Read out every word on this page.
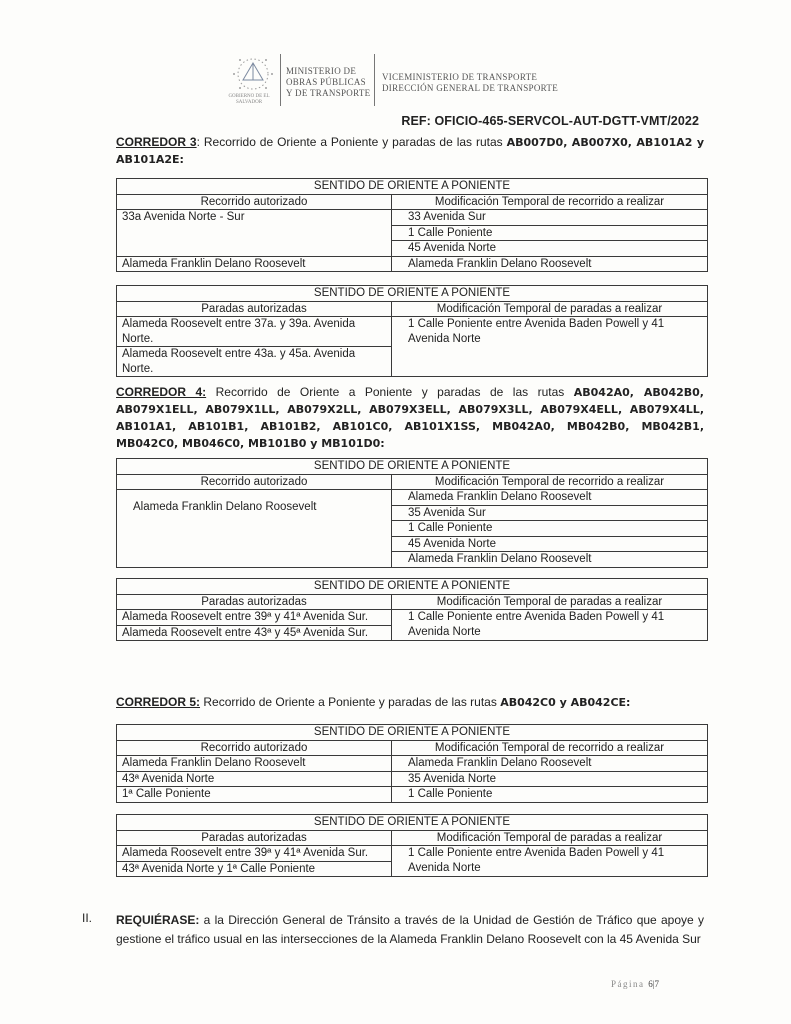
GOBIERNO DE EL SALVADOR
MINISTERIO DE
OBRAS PÚBLICAS
Y DE TRANSPORTE
VICEMINISTERIO DE TRANSPORTE
DIRECCIÓN GENERAL DE TRANSPORTE
REF: OFICIO-465-SERVCOL-AUT-DGTT-VMT/2022
CORREDOR 3: Recorrido de Oriente a Poniente y paradas de las rutas AB007D0, AB007X0, AB101A2 y AB101A2E:
SENTIDO DE ORIENTE A PONIENTE	
Recorrido autorizado	Modificación Temporal de recorrido a realizar
33a Avenida Norte - Sur	33 Avenida Sur
	1 Calle Poniente
	45 Avenida Norte
Alameda Franklin Delano Roosevelt	Alameda Franklin Delano Roosevelt
SENTIDO DE ORIENTE A PONIENTE	
Paradas autorizadas	Modificación Temporal de paradas a realizar
Alameda Roosevelt entre 37a. y 39a. Avenida Norte.	1 Calle Poniente entre Avenida Baden Powell y 41 Avenida Norte
Alameda Roosevelt entre 43a. y 45a. Avenida Norte.	
CORREDOR 4: Recorrido de Oriente a Poniente y paradas de las rutas AB042A0, AB042B0, AB079X1ELL, AB079X1LL, AB079X2LL, AB079X3ELL, AB079X3LL, AB079X4ELL, AB079X4LL, AB101A1, AB101B1, AB101B2, AB101C0, AB101X1SS, MB042A0, MB042B0, MB042B1, MB042C0, MB046C0, MB101B0 y MB101D0:
SENTIDO DE ORIENTE A PONIENTE	
Recorrido autorizado	Modificación Temporal de recorrido a realizar
Alameda Franklin Delano Roosevelt	Alameda Franklin Delano Roosevelt
	35 Avenida Sur
	1 Calle Poniente
	45 Avenida Norte
	Alameda Franklin Delano Roosevelt
SENTIDO DE ORIENTE A PONIENTE	
Paradas autorizadas	Modificación Temporal de paradas a realizar
Alameda Roosevelt entre 39ª y 41ª Avenida Sur.	1 Calle Poniente entre Avenida Baden Powell y 41 Avenida Norte
Alameda Roosevelt entre 43ª y 45ª Avenida Sur.	
CORREDOR 5: Recorrido de Oriente a Poniente y paradas de las rutas AB042C0 y AB042CE:
SENTIDO DE ORIENTE A PONIENTE	
Recorrido autorizado	Modificación Temporal de recorrido a realizar
Alameda Franklin Delano Roosevelt	Alameda Franklin Delano Roosevelt
43ª Avenida Norte	35 Avenida Norte
1ª Calle Poniente	1 Calle Poniente
SENTIDO DE ORIENTE A PONIENTE	
Paradas autorizadas	Modificación Temporal de paradas a realizar
Alameda Roosevelt entre 39ª y 41ª Avenida Sur.	1 Calle Poniente entre Avenida Baden Powell y 41 Avenida Norte
43ª Avenida Norte y 1ª Calle Poniente	
II. REQUIÉRASE: a la Dirección General de Tránsito a través de la Unidad de Gestión de Tráfico que apoye y gestione el tráfico usual en las intersecciones de la Alameda Franklin Delano Roosevelt con la 45 Avenida Sur
Página 6|7
